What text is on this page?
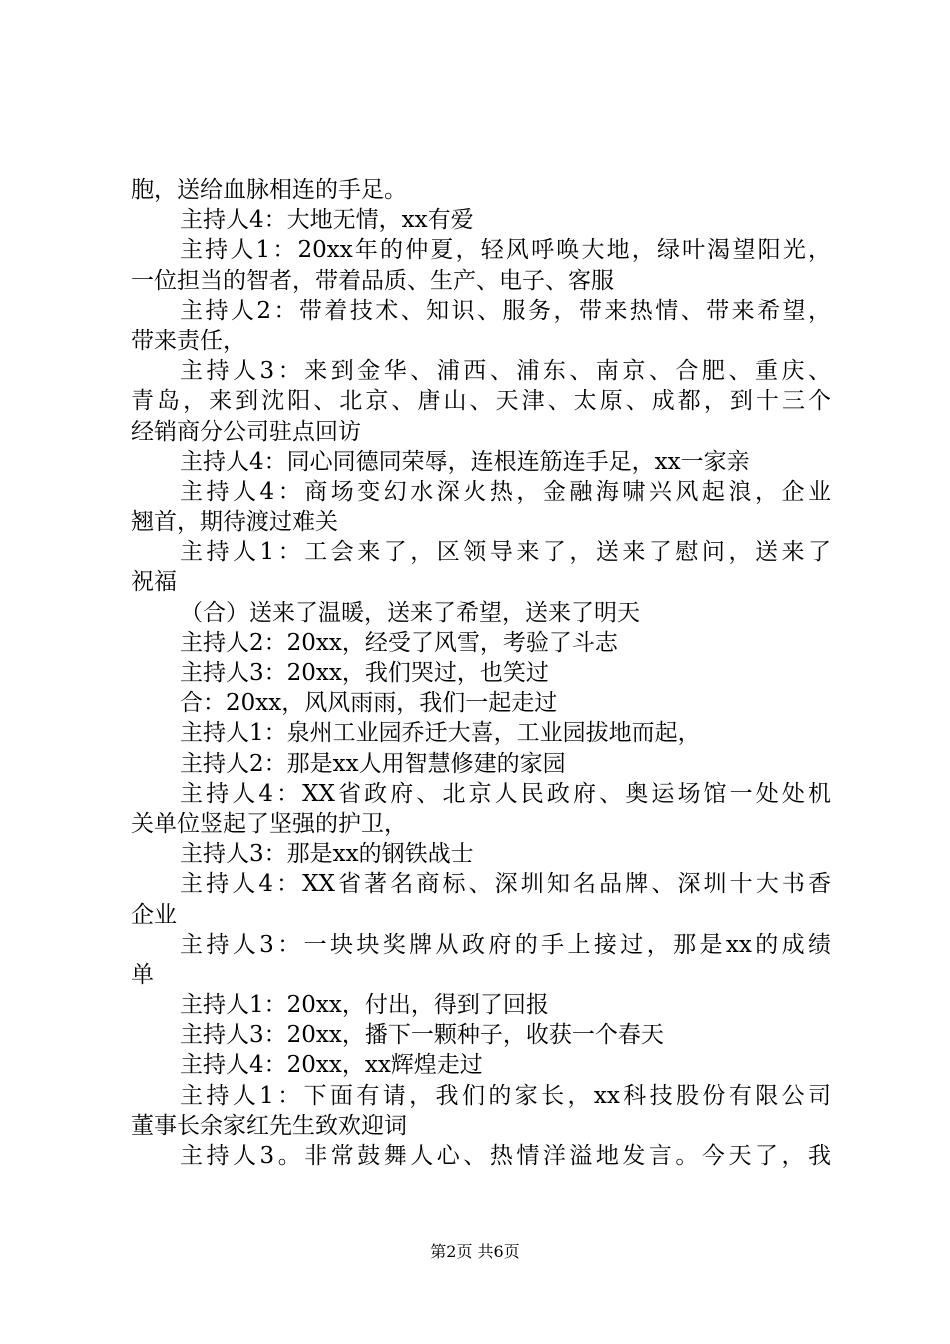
胞，送给血脉相连的手足。
主持人4：大地无情，xx有爱
主持人1：20xx年的仲夏，轻风呼唤大地，绿叶渴望阳光，
一位担当的智者，带着品质、生产、电子、客服
主持人2：带着技术、知识、服务，带来热情、带来希望，
带来责任，
主持人3：来到金华、浦西、浦东、南京、合肥、重庆、
青岛，来到沈阳、北京、唐山、天津、太原、成都，到十三个
经销商分公司驻点回访
主持人4：同心同德同荣辱，连根连筋连手足，xx一家亲
主持人4：商场变幻水深火热，金融海啸兴风起浪，企业
翘首，期待渡过难关
主持人1：工会来了，区领导来了，送来了慰问，送来了
祝福
（合）送来了温暖，送来了希望，送来了明天
主持人2：20xx，经受了风雪，考验了斗志
主持人3：20xx，我们哭过，也笑过
合：20xx，风风雨雨，我们一起走过
主持人1：泉州工业园乔迁大喜，工业园拔地而起，
主持人2：那是xx人用智慧修建的家园
主持人4：XX省政府、北京人民政府、奥运场馆一处处机
关单位竖起了坚强的护卫，
主持人3：那是xx的钢铁战士
主持人4：XX省著名商标、深圳知名品牌、深圳十大书香
企业
主持人3：一块块奖牌从政府的手上接过，那是xx的成绩
单
主持人1：20xx，付出，得到了回报
主持人3：20xx，播下一颗种子，收获一个春天
主持人4：20xx，xx辉煌走过
主持人1：下面有请，我们的家长，xx科技股份有限公司
董事长余家红先生致欢迎词
主持人3。非常鼓舞人心、热情洋溢地发言。今天了，我
第2页 共6页
